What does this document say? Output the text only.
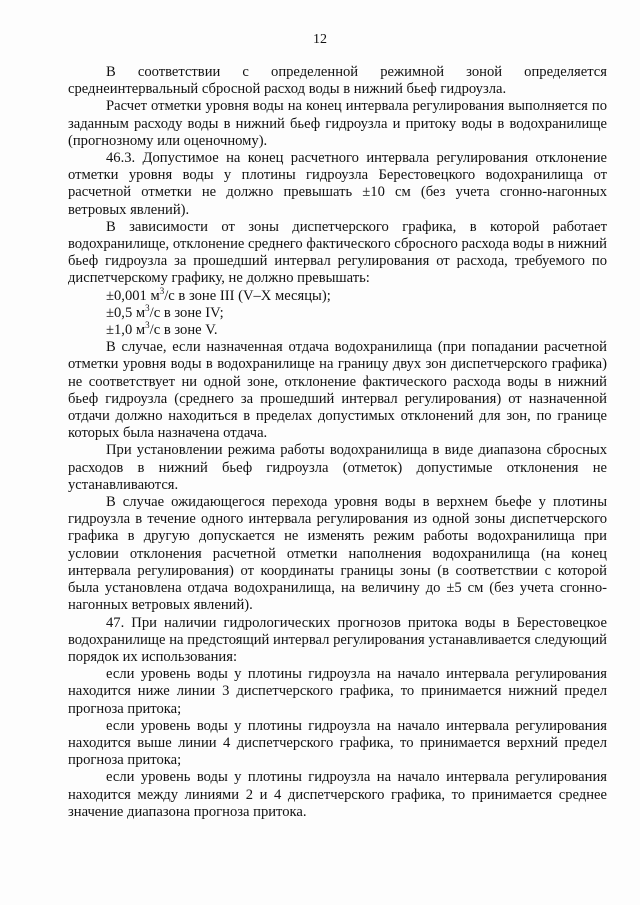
12

В соответствии с определенной режимной зоной определяется среднеинтервальный сбросной расход воды в нижний бьеф гидроузла.

Расчет отметки уровня воды на конец интервала регулирования выполняется по заданным расходу воды в нижний бьеф гидроузла и притоку воды в водохранилище (прогнозному или оценочному).

46.3. Допустимое на конец расчетного интервала регулирования отклонение отметки уровня воды у плотины гидроузла Берестовецкого водохранилища от расчетной отметки не должно превышать ±10 см (без учета сгонно-нагонных ветровых явлений).

В зависимости от зоны диспетчерского графика, в которой работает водохранилище, отклонение среднего фактического сбросного расхода воды в нижний бьеф гидроузла за прошедший интервал регулирования от расхода, требуемого по диспетчерскому графику, не должно превышать:

±0,001 $м^3/с$ в зоне III (V–X месяцы);

±0,5 $м^3/с$ в зоне IV;

±1,0 $м^3/с$ в зоне V.

В случае, если назначенная отдача водохранилища (при попадании расчетной отметки уровня воды в водохранилище на границу двух зон диспетчерского графика) не соответствует ни одной зоне, отклонение фактического расхода воды в нижний бьеф гидроузла (среднего за прошедший интервал регулирования) от назначенной отдачи должно находиться в пределах допустимых отклонений для зон, по границе которых была назначена отдача.

При установлении режима работы водохранилища в виде диапазона сбросных расходов в нижний бьеф гидроузла (отметок) допустимые отклонения не устанавливаются.

В случае ожидающегося перехода уровня воды в верхнем бьефе у плотины гидроузла в течение одного интервала регулирования из одной зоны диспетчерского графика в другую допускается не изменять режим работы водохранилища при условии отклонения расчетной отметки наполнения водохранилища (на конец интервала регулирования) от координаты границы зоны (в соответствии с которой была установлена отдача водохранилища, на величину до ±5 см (без учета сгонно-нагонных ветровых явлений).

47. При наличии гидрологических прогнозов притока воды в Берестовецкое водохранилище на предстоящий интервал регулирования устанавливается следующий порядок их использования:

если уровень воды у плотины гидроузла на начало интервала регулирования находится ниже линии 3 диспетчерского графика, то принимается нижний предел прогноза притока;

если уровень воды у плотины гидроузла на начало интервала регулирования находится выше линии 4 диспетчерского графика, то принимается верхний предел прогноза притока;

если уровень воды у плотины гидроузла на начало интервала регулирования находится между линиями 2 и 4 диспетчерского графика, то принимается среднее значение диапазона прогноза притока.
